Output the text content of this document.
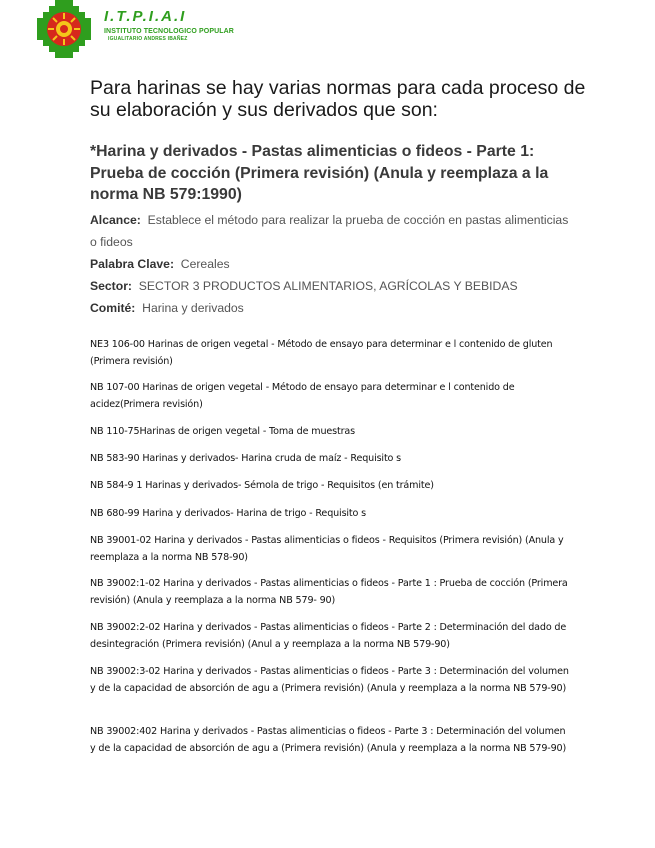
I.T.P.I.A.I
INSTITUTO TECNOLOGICO POPULAR
IGUALITARIO ANDRES IBAÑEZ
Para harinas se hay varias normas para cada proceso de su elaboración y sus derivados que son:
*Harina y derivados - Pastas alimenticias o fideos - Parte 1: Prueba de cocción (Primera revisión) (Anula y reemplaza a la norma NB 579:1990)
Alcance: Establece el método para realizar la prueba de cocción en pastas alimenticias o fideos
Palabra Clave: Cereales
Sector: SECTOR 3 PRODUCTOS ALIMENTARIOS, AGRÍCOLAS Y BEBIDAS
Comité: Harina y derivados
NE3 106-00 Harinas de origen vegetal - Método de ensayo para determinar e l contenido de gluten (Primera revisión)
NB 107-00 Harinas de origen vegetal - Método de ensayo para determinar e l contenido de acidez(Primera revisión)
NB 110-75Harinas de origen vegetal - Toma de muestras
NB 583-90 Harinas y derivados- Harina cruda de maíz - Requisito s
NB 584-9 1 Harinas y derivados- Sémola de trigo - Requisitos (en trámite)
NB 680-99 Harina y derivados- Harina de trigo - Requisito s
NB 39001-02 Harina y derivados - Pastas alimenticias o fideos - Requisitos (Primera revisión) (Anula y reemplaza a la norma NB 578-90)
NB 39002:1-02 Harina y derivados - Pastas alimenticias o fideos - Parte 1 : Prueba de cocción (Primera revisión) (Anula y reemplaza a la norma NB 579- 90)
NB 39002:2-02 Harina y derivados - Pastas alimenticias o fideos - Parte 2 : Determinación del dado de desintegración (Primera revisión) (Anul a y reemplaza a la norma NB 579-90)
NB 39002:3-02 Harina y derivados - Pastas alimenticias o fideos - Parte 3 : Determinación del volumen y de la capacidad de absorción de agu a (Primera revisión) (Anula y reemplaza a la norma NB 579-90)
NB 39002:402 Harina y derivados - Pastas alimenticias o fideos - Parte 3 : Determinación del volumen y de la capacidad de absorción de agu a (Primera revisión) (Anula y reemplaza a la norma NB 579-90)
